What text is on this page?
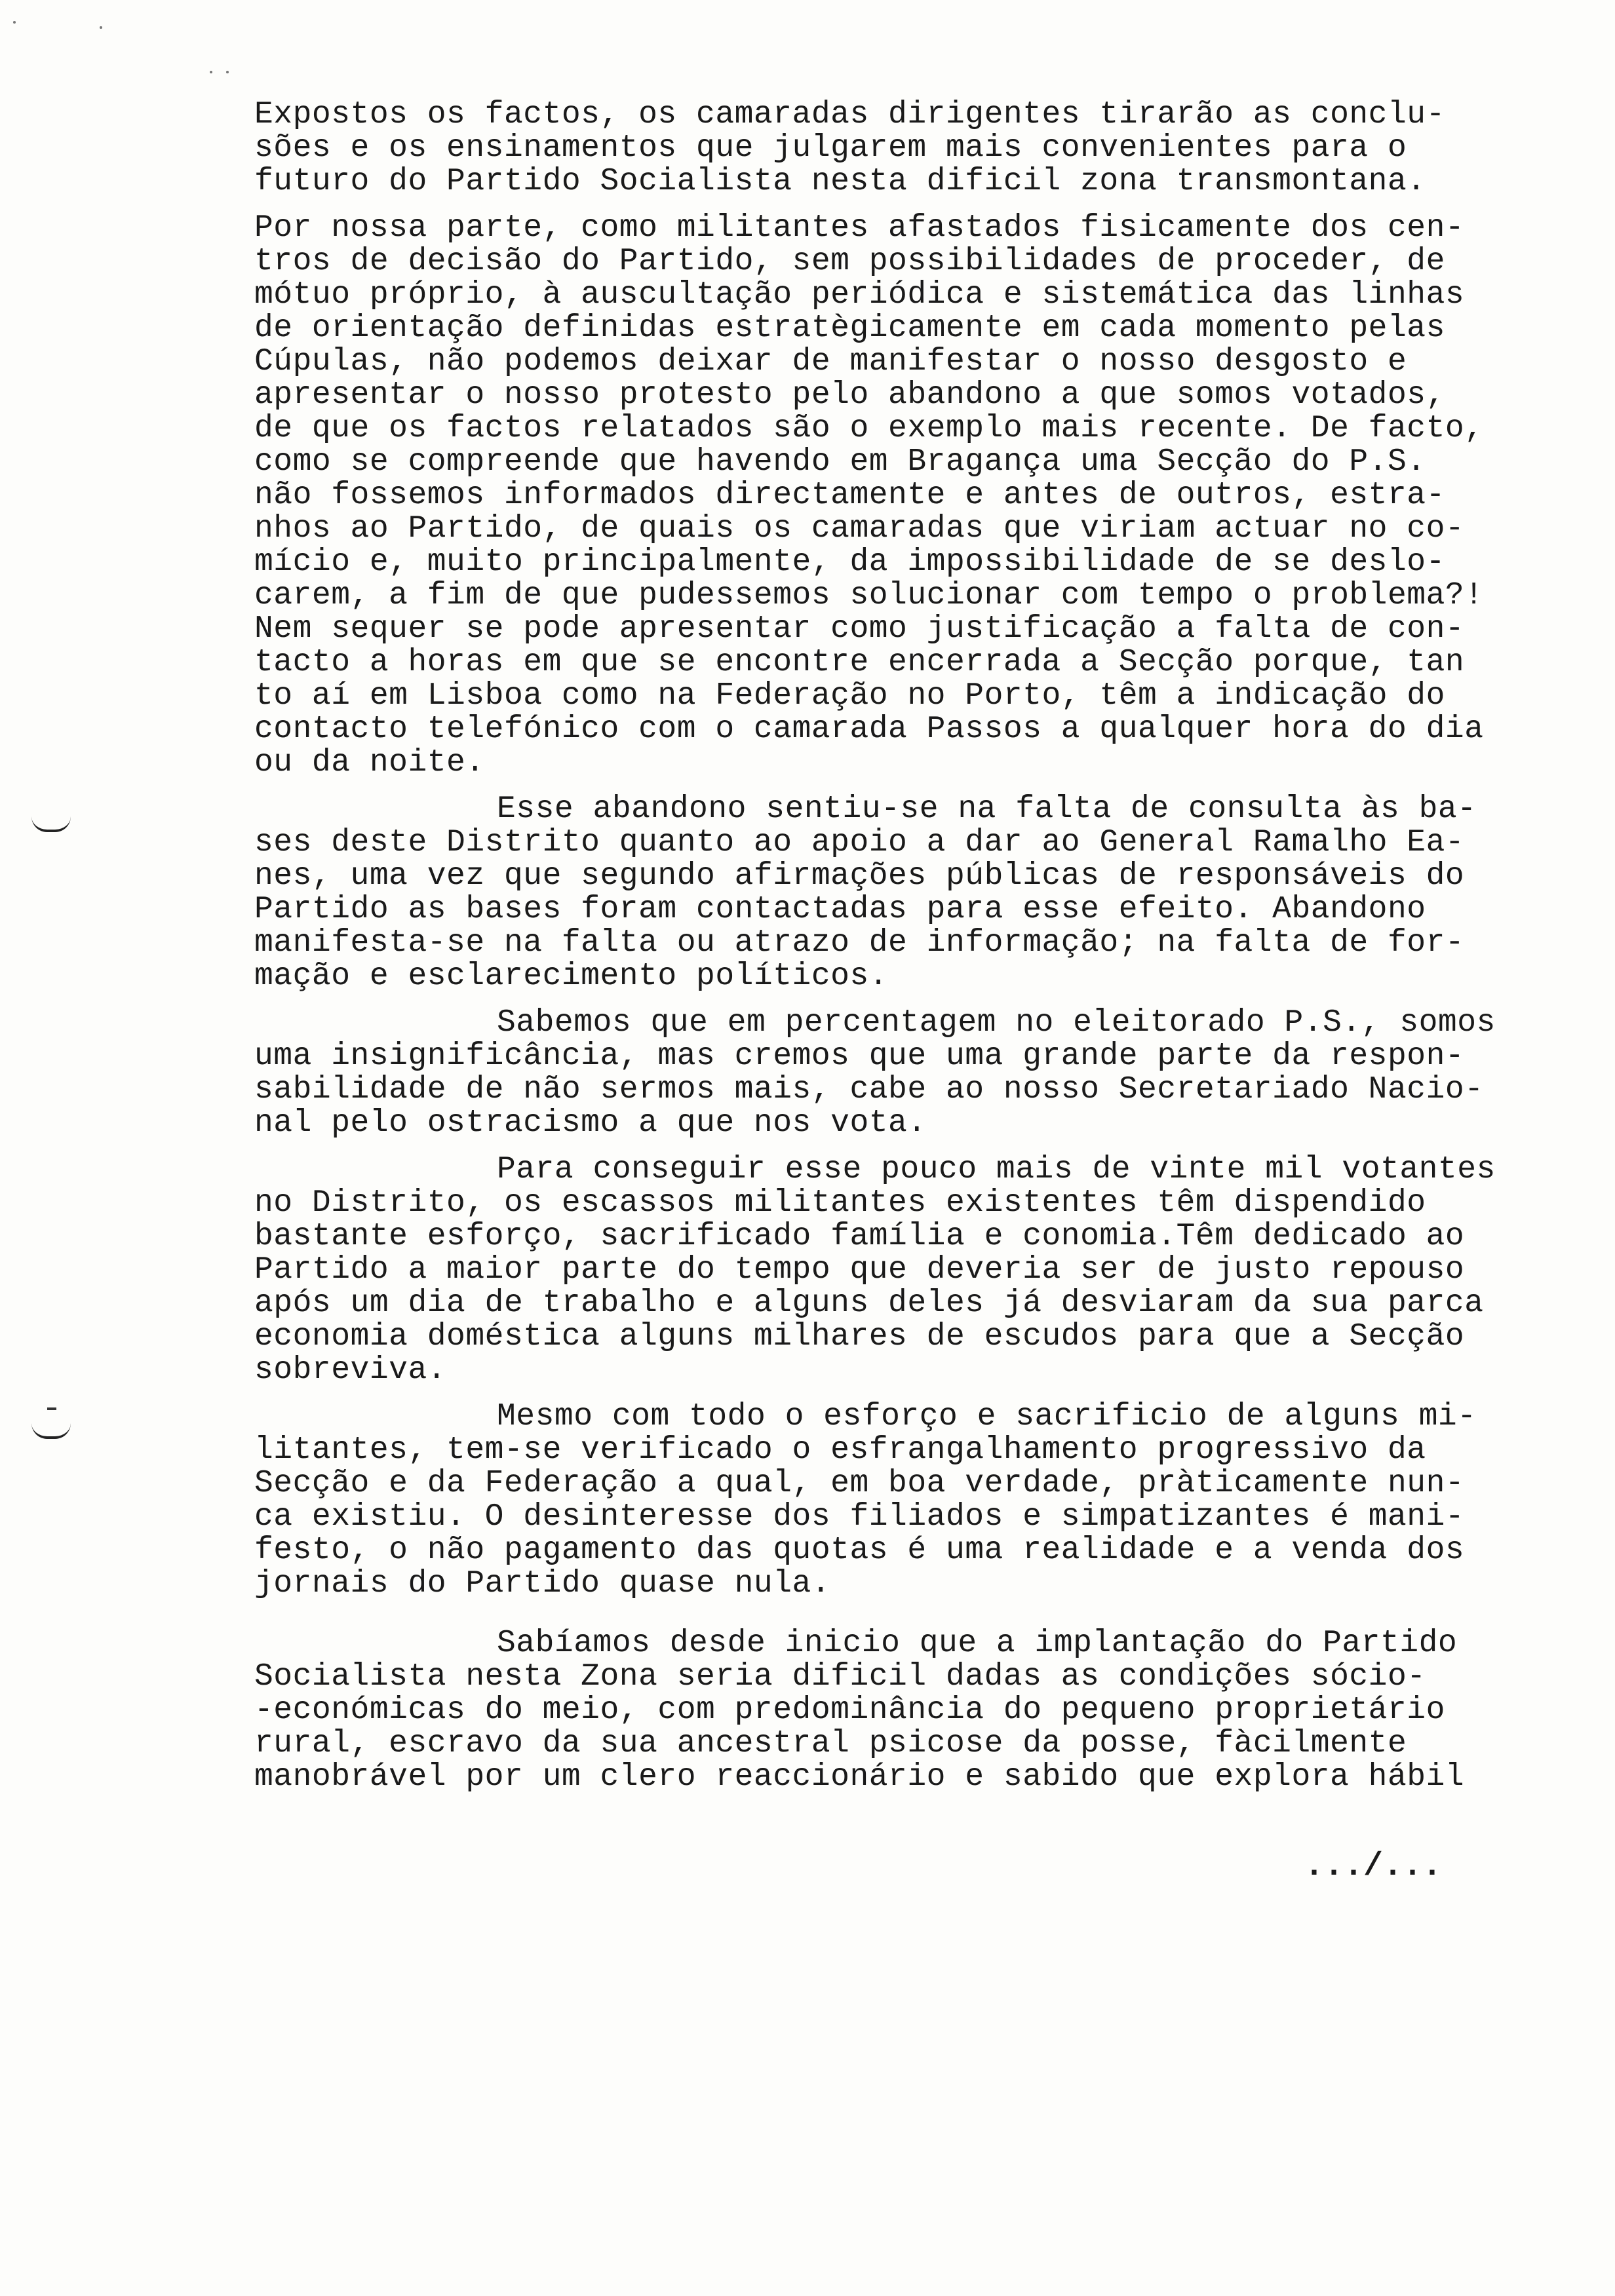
Expostos os factos, os camaradas dirigentes tirarão as conclu-
sões e os ensinamentos que julgarem mais convenientes para o
futuro do Partido Socialista nesta dificil zona transmontana.
Por nossa parte, como militantes afastados fisicamente dos cen-
tros de decisão do Partido, sem possibilidades de proceder, de
mótuo próprio, à auscultação periódica e sistemática das linhas
de orientação definidas estratègicamente em cada momento pelas
Cúpulas, não podemos deixar de manifestar o nosso desgosto e
apresentar o nosso protesto pelo abandono a que somos votados,
de que os factos relatados são o exemplo mais recente. De facto,
como se compreende que havendo em Bragança uma Secção do P.S.
não fossemos informados directamente e antes de outros, estra-
nhos ao Partido, de quais os camaradas que viriam actuar no co-
mício e, muito principalmente, da impossibilidade de se deslo-
carem, a fim de que pudessemos solucionar com tempo o problema?!
Nem sequer se pode apresentar como justificação a falta de con-
tacto a horas em que se encontre encerrada a Secção porque, tan
to aí em Lisboa como na Federação no Porto, têm a indicação do
contacto telefónico com o camarada Passos a qualquer hora do dia
ou da noite.
Esse abandono sentiu-se na falta de consulta às ba-
ses deste Distrito quanto ao apoio a dar ao General Ramalho Ea-
nes, uma vez que segundo afirmações públicas de responsáveis do
Partido as bases foram contactadas para esse efeito. Abandono
manifesta-se na falta ou atrazo de informação; na falta de for-
mação e esclarecimento políticos.
Sabemos que em percentagem no eleitorado P.S., somos
uma insignificância, mas cremos que uma grande parte da respon-
sabilidade de não sermos mais, cabe ao nosso Secretariado Nacio-
nal pelo ostracismo a que nos vota.
Para conseguir esse pouco mais de vinte mil votantes
no Distrito, os escassos militantes existentes têm dispendido
bastante esforço, sacrificado família e conomia.Têm dedicado ao
Partido a maior parte do tempo que deveria ser de justo repouso
após um dia de trabalho e alguns deles já desviaram da sua parca
economia doméstica alguns milhares de escudos para que a Secção
sobreviva.
Mesmo com todo o esforço e sacrificio de alguns mi-
litantes, tem-se verificado o esfrangalhamento progressivo da
Secção e da Federação a qual, em boa verdade, pràticamente nun-
ca existiu. O desinteresse dos filiados e simpatizantes é mani-
festo, o não pagamento das quotas é uma realidade e a venda dos
jornais do Partido quase nula.
Sabíamos desde inicio que a implantação do Partido
Socialista nesta Zona seria dificil dadas as condições sócio-
-económicas do meio, com predominância do pequeno proprietário
rural, escravo da sua ancestral psicose da posse, fàcilmente
manobrável por um clero reaccionário e sabido que explora hábil
.../...
